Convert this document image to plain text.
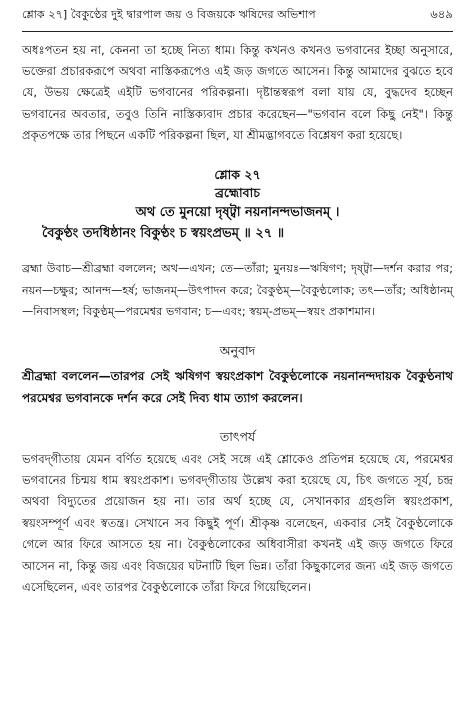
শ্লোক ২৭] বৈকুণ্ঠের দুই দ্বারপাল জয় ও বিজয়কে ঋষিদের অভিশাপ	৬৪৯

অধঃপতন হয় না, কেননা তা হচ্ছে নিত্য ধাম। কিন্তু কখনও কখনও ভগবানের ইচ্ছা অনুসারে, ভক্তেরা প্রচারকরূপে অথবা নাস্তিকরূপেও এই জড় জগতে আসেন। কিন্তু আমাদের বুঝতে হবে যে, উভয় ক্ষেত্রেই এইটি ভগবানের পরিকল্পনা। দৃষ্টান্তস্বরূপ বলা যায় যে, বুদ্ধদেব হচ্ছেন ভগবানের অবতার, তবুও তিনি নাস্তিক্যবাদ প্রচার করেছেন—"ভগবান বলে কিছু নেই"। কিন্তু প্রকৃতপক্ষে তার পিছনে একটি পরিকল্পনা ছিল, যা শ্রীমদ্ভাগবতে বিশ্লেষণ করা হয়েছে।

শ্লোক ২৭
ব্রহ্মোবাচ
অথ তে মুনয়ো দৃষ্ট্বা নয়নানন্দভাজনম্ ।
বৈকুণ্ঠং তদধিষ্ঠানং বিকুণ্ঠং চ স্বয়ংপ্রভম্ ॥ ২৭ ॥

ব্রহ্মা উবাচ—শ্রীব্রহ্মা বললেন; অথ—এখন; তে—তাঁরা; মুনয়ঃ—ঋষিগণ; দৃষ্ট্বা—দর্শন করার পর; নয়ন—চক্ষুর; আনন্দ—হর্ষ; ভাজনম্—উৎপাদন করে; বৈকুণ্ঠম্—বৈকুণ্ঠলোক; তৎ—তাঁর; অধিষ্ঠানম্—নিবাসস্থল; বিকুণ্ঠম্—পরমেশ্বর ভগবান; চ—এবং; স্বয়ম্-প্রভম্—স্বয়ং প্রকাশমান।

অনুবাদ

শ্রীব্রহ্মা বললেন—তারপর সেই ঋষিগণ স্বয়ংপ্রকাশ বৈকুণ্ঠলোকে নয়নানন্দদায়ক বৈকুণ্ঠনাথ পরমেশ্বর ভগবানকে দর্শন করে সেই দিব্য ধাম ত্যাগ করলেন।

তাৎপর্য

ভগবদ্‌গীতায় যেমন বর্ণিত হয়েছে এবং সেই সঙ্গে এই শ্লোকেও প্রতিপন্ন হয়েছে যে, পরমেশ্বর ভগবানের চিন্ময় ধাম স্বয়ংপ্রকাশ। ভগবদ্‌গীতায় উল্লেখ করা হয়েছে যে, চিৎ জগতে সূর্য, চন্দ্র অথবা বিদ্যুতের প্রয়োজন হয় না। তার অর্থ হচ্ছে যে, সেখানকার গ্রহগুলি স্বয়ংপ্রকাশ, স্বয়ংসম্পূর্ণ এবং স্বতন্ত্র। সেখানে সব কিছুই পূর্ণ। শ্রীকৃষ্ণ বলেছেন, একবার সেই বৈকুণ্ঠলোকে গেলে আর ফিরে আসতে হয় না। বৈকুণ্ঠলোকের অধিবাসীরা কখনই এই জড় জগতে ফিরে আসেন না, কিন্তু জয় এবং বিজয়ের ঘটনাটি ছিল ভিন্ন। তাঁরা কিছুকালের জন্য এই জড় জগতে এসেছিলেন, এবং তারপর বৈকুণ্ঠলোকে তাঁরা ফিরে গিয়েছিলেন।
